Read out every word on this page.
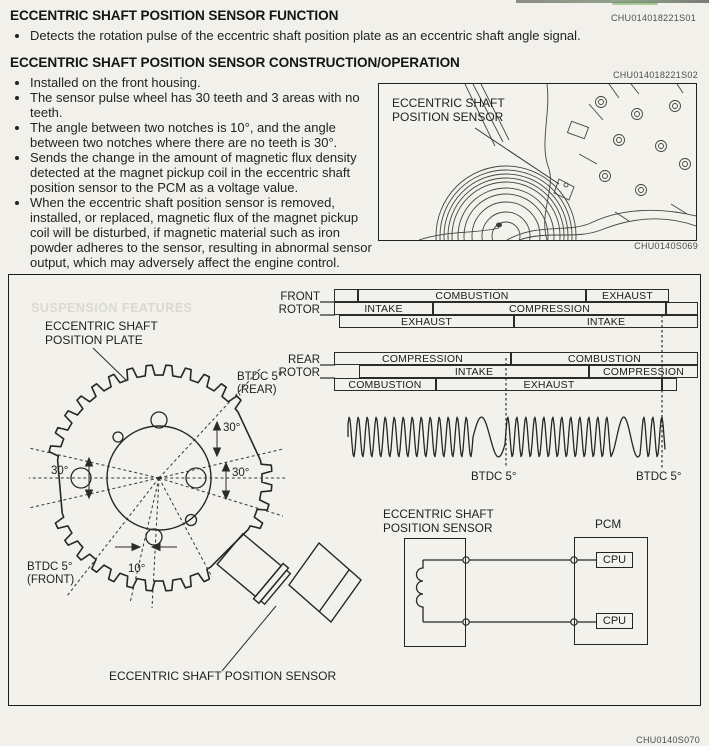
ECCENTRIC SHAFT POSITION SENSOR FUNCTION	CHU014018221S01
• Detects the rotation pulse of the eccentric shaft position plate as an eccentric shaft angle signal.
ECCENTRIC SHAFT POSITION SENSOR CONSTRUCTION/OPERATION
CHU014018221S02
ECCENTRIC SHAFT
POSITION SENSOR
CHU0140S069
• Installed on the front housing.
• The sensor pulse wheel has 30 teeth and 3 areas with no teeth.
• The angle between two notches is 10°, and the angle between two notches where there are no teeth is 30°.
• Sends the change in the amount of magnetic flux density detected at the magnet pickup coil in the eccentric shaft position sensor to the PCM as a voltage value.
• When the eccentric shaft position sensor is removed, installed, or replaced, magnetic flux of the magnet pickup coil will be disturbed, if magnetic material such as iron powder adheres to the sensor, resulting in abnormal sensor output, which may adversely affect the engine control.
SUSPENSION FEATURES
COMBUSTION	EXHAUST
INTAKE	COMPRESSION
EXHAUST	INTAKE
COMPRESSION	COMBUSTION
INTAKE	COMPRESSION
COMBUSTION	EXHAUST
FRONT
ROTOR
REAR
ROTOR
ECCENTRIC SHAFT
POSITION PLATE
BTDC 5°
(REAR)
BTDC 5°
(FRONT)
30°
30°
30°
10°
ECCENTRIC SHAFT POSITION SENSOR
BTDC 5°	BTDC 5°
ECCENTRIC SHAFT
POSITION SENSOR	PCM
CPU
CPU
CHU0140S070
